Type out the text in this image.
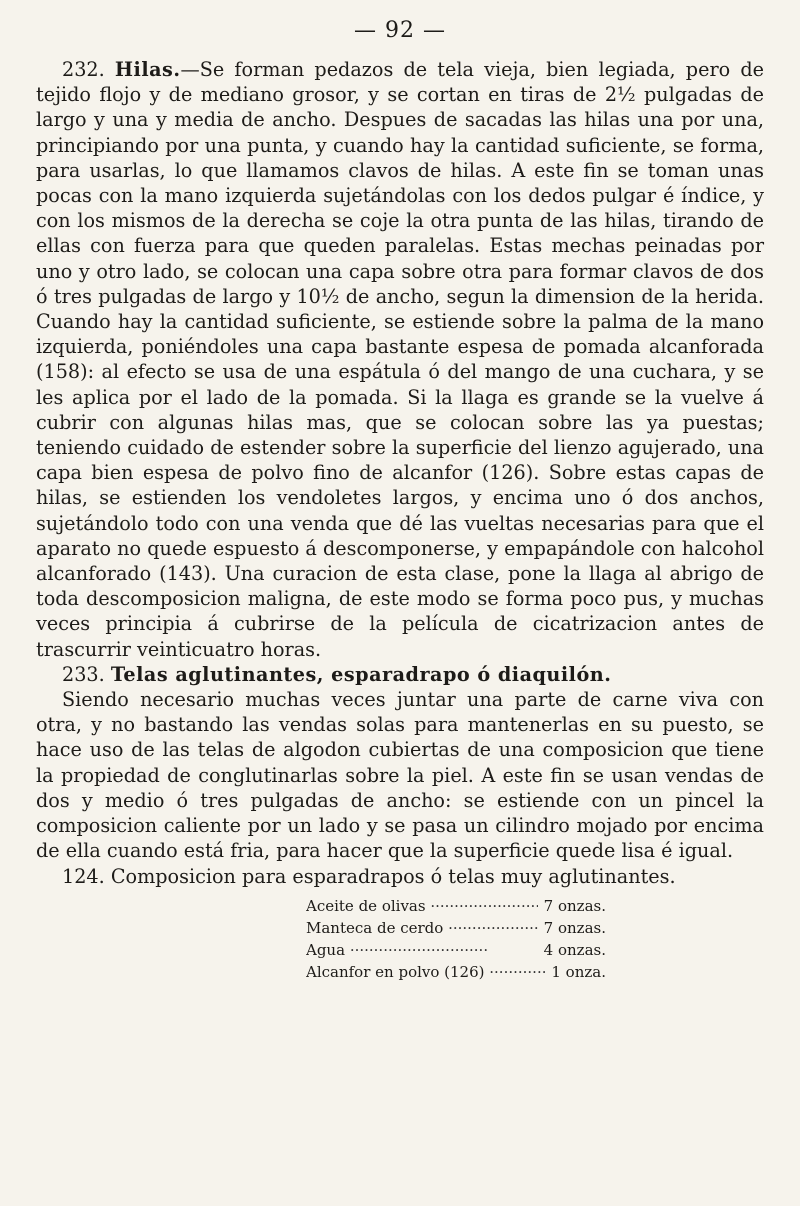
— 92 —

232. Hilas.—Se forman pedazos de tela vieja, bien legiada, pero de tejido flojo y de mediano grosor, y se cortan en tiras de 2½ pulgadas de largo y una y media de ancho. Despues de sacadas las hilas una por una, principiando por una punta, y cuando hay la cantidad suficiente, se forma, para usarlas, lo que llamamos clavos de hilas. A este fin se toman unas pocas con la mano izquierda sujetándolas con los dedos pulgar é índice, y con los mismos de la derecha se coje la otra punta de las hilas, tirando de ellas con fuerza para que queden paralelas. Estas mechas peinadas por uno y otro lado, se colocan una capa sobre otra para formar clavos de dos ó tres pulgadas de largo y 10½ de ancho, segun la dimension de la herida. Cuando hay la cantidad suficiente, se estiende sobre la palma de la mano izquierda, poniéndoles una capa bastante espesa de pomada alcanforada (158): al efecto se usa de una espátula ó del mango de una cuchara, y se les aplica por el lado de la pomada. Si la llaga es grande se la vuelve á cubrir con algunas hilas mas, que se colocan sobre las ya puestas; teniendo cuidado de estender sobre la superficie del lienzo agujerado, una capa bien espesa de polvo fino de alcanfor (126). Sobre estas capas de hilas, se estienden los vendoletes largos, y encima uno ó dos anchos, sujetándolo todo con una venda que dé las vueltas necesarias para que el aparato no quede espuesto á descomponerse, y empapándole con halcohol alcanforado (143). Una curacion de esta clase, pone la llaga al abrigo de toda descomposicion maligna, de este modo se forma poco pus, y muchas veces principia á cubrirse de la película de cicatrizacion antes de trascurrir veinticuatro horas.

233. Telas aglutinantes, esparadrapo ó diaquilón.

Siendo necesario muchas veces juntar una parte de carne viva con otra, y no bastando las vendas solas para mantenerlas en su puesto, se hace uso de las telas de algodon cubiertas de una composicion que tiene la propiedad de conglutinarlas sobre la piel. A este fin se usan vendas de dos y medio ó tres pulgadas de ancho: se estiende con un pincel la composicion caliente por un lado y se pasa un cilindro mojado por encima de ella cuando está fria, para hacer que la superficie quede lisa é igual.

124. Composicion para esparadrapos ó telas muy aglutinantes.

Aceite de olivas ·····	7 onzas.
Manteca de cerdo ·····	7 onzas.
Agua ·····	4 onzas.
Alcanfor en polvo (126) ·····	1 onza.
